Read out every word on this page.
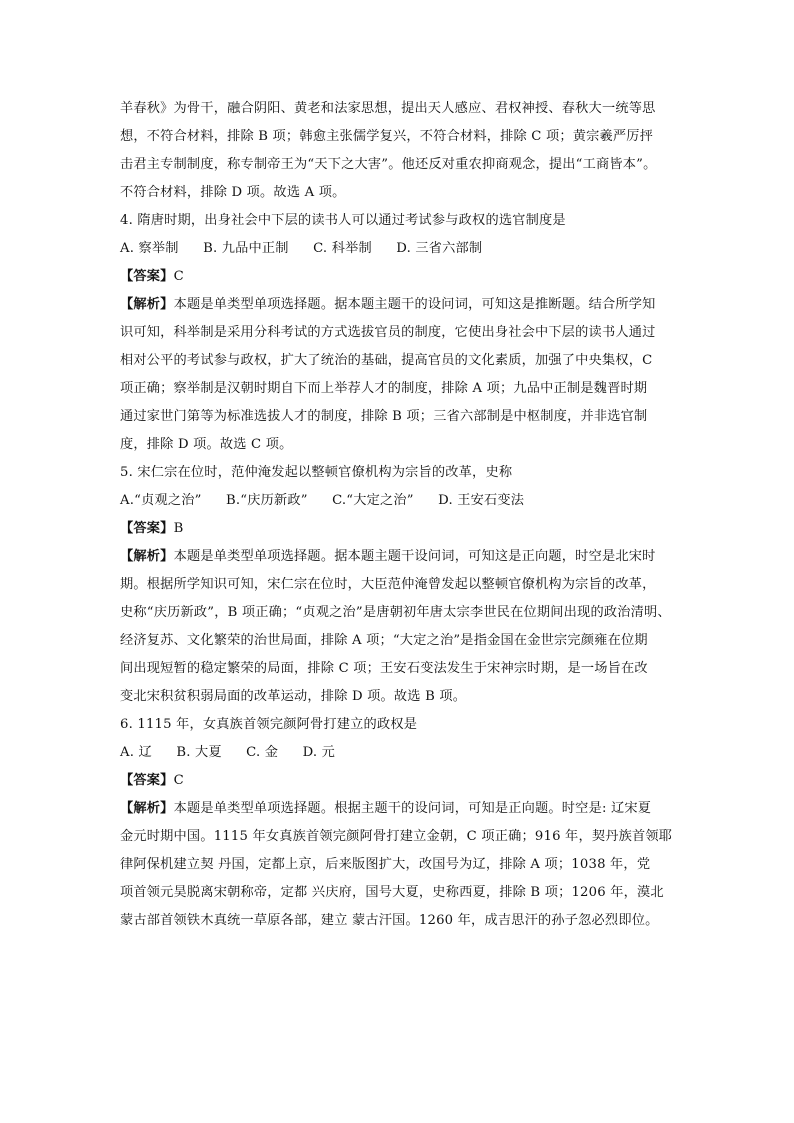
羊春秋》为骨干，融合阴阳、黄老和法家思想，提出天人感应、君权神授、春秋大一统等思
想，不符合材料，排除 B 项；韩愈主张儒学复兴，不符合材料，排除 C 项；黄宗羲严厉抨
击君主专制制度，称专制帝王为“天下之大害”。他还反对重农抑商观念，提出“工商皆本”。
不符合材料，排除 D 项。故选 A 项。
4. 隋唐时期，出身社会中下层的读书人可以通过考试参与政权的选官制度是
A. 察举制 B. 九品中正制 C. 科举制 D. 三省六部制
【答案】C
【解析】本题是单类型单项选择题。据本题主题干的设问词，可知这是推断题。结合所学知
识可知，科举制是采用分科考试的方式选拔官员的制度，它使出身社会中下层的读书人通过
相对公平的考试参与政权，扩大了统治的基础，提高官员的文化素质，加强了中央集权，C
项正确；察举制是汉朝时期自下而上举荐人才的制度，排除 A 项；九品中正制是魏晋时期
通过家世门第等为标准选拔人才的制度，排除 B 项；三省六部制是中枢制度，并非选官制
度，排除 D 项。故选 C 项。
5. 宋仁宗在位时，范仲淹发起以整顿官僚机构为宗旨的改革，史称
A.“贞观之治” B.“庆历新政” C.“大定之治” D. 王安石变法
【答案】B
【解析】本题是单类型单项选择题。据本题主题干设问词，可知这是正向题，时空是北宋时
期。根据所学知识可知，宋仁宗在位时，大臣范仲淹曾发起以整顿官僚机构为宗旨的改革，
史称“庆历新政”，B 项正确；“贞观之治”是唐朝初年唐太宗李世民在位期间出现的政治清明、
经济复苏、文化繁荣的治世局面，排除 A 项；“大定之治”是指金国在金世宗完颜雍在位期
间出现短暂的稳定繁荣的局面，排除 C 项；王安石变法发生于宋神宗时期，是一场旨在改
变北宋积贫积弱局面的改革运动，排除 D 项。故选 B 项。
6. 1115 年，女真族首领完颜阿骨打建立的政权是
A. 辽 B. 大夏 C. 金 D. 元
【答案】C
【解析】本题是单类型单项选择题。根据主题干的设问词，可知是正向题。时空是: 辽宋夏
金元时期中国。1115 年女真族首领完颜阿骨打建立金朝，C 项正确；916 年，契丹族首领耶
律阿保机建立契 丹国，定都上京，后来版图扩大，改国号为辽，排除 A 项；1038 年，党
项首领元昊脱离宋朝称帝，定都 兴庆府，国号大夏，史称西夏，排除 B 项；1206 年，漠北
蒙古部首领铁木真统一草原各部，建立 蒙古汗国。1260 年，成吉思汗的孙子忽必烈即位。
